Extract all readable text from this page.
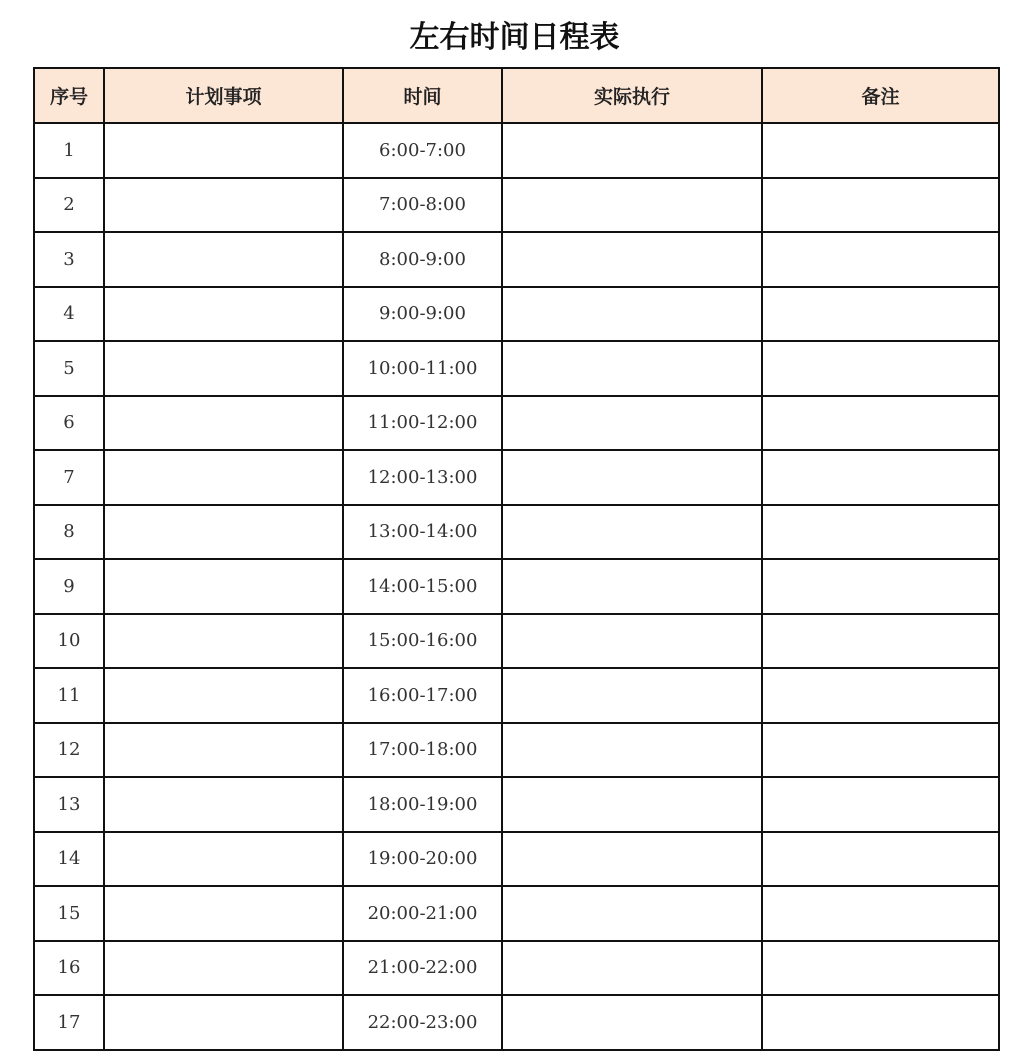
左右时间日程表
序号	计划事项	时间	实际执行	备注
1		6:00-7:00		
2		7:00-8:00		
3		8:00-9:00		
4		9:00-9:00		
5		10:00-11:00		
6		11:00-12:00		
7		12:00-13:00		
8		13:00-14:00		
9		14:00-15:00		
10		15:00-16:00		
11		16:00-17:00		
12		17:00-18:00		
13		18:00-19:00		
14		19:00-20:00		
15		20:00-21:00		
16		21:00-22:00		
17		22:00-23:00		
